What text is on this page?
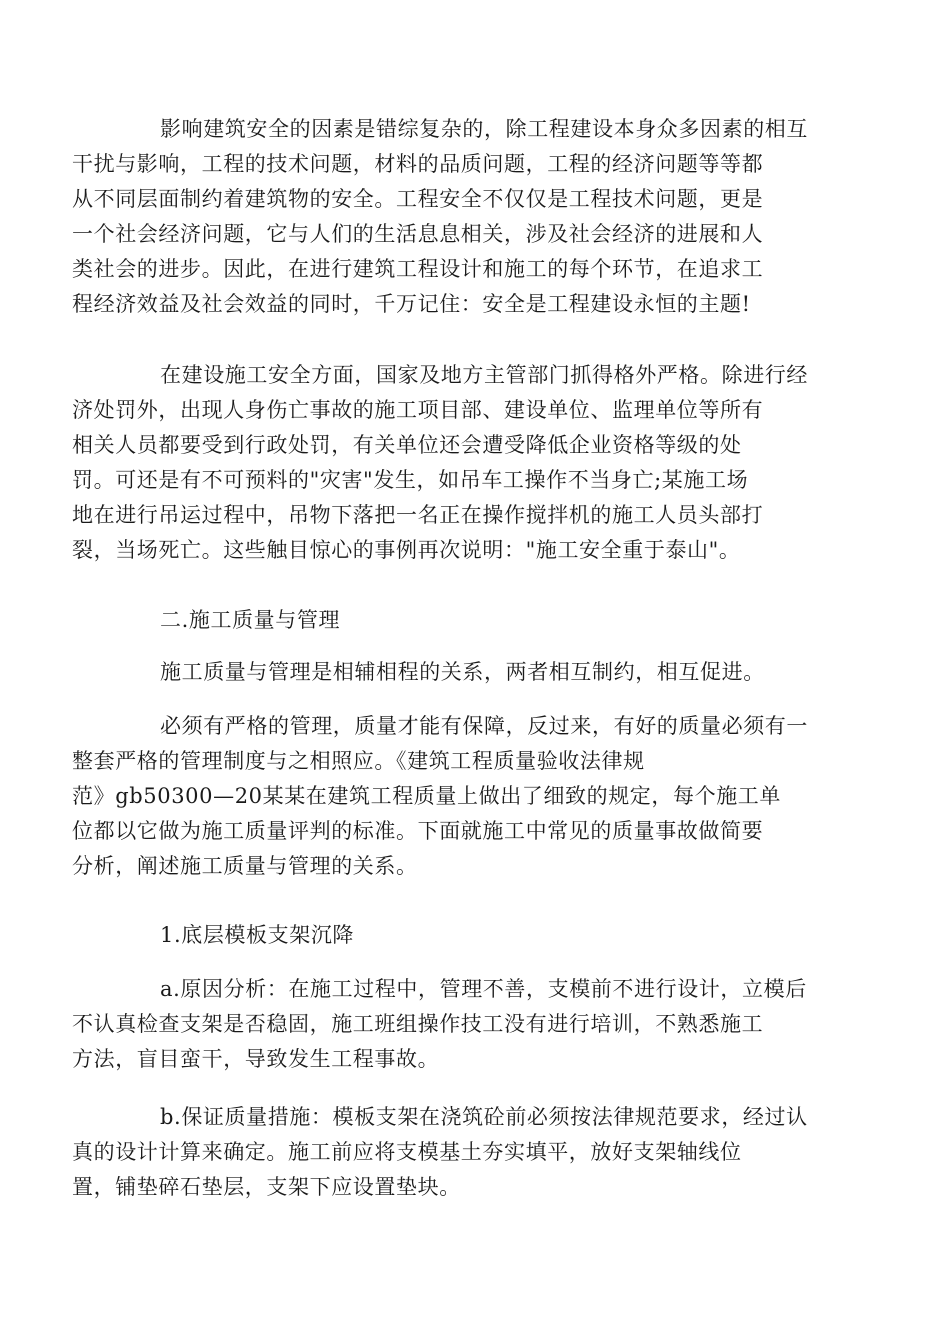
影响建筑安全的因素是错综复杂的，除工程建设本身众多因素的相互
干扰与影响，工程的技术问题，材料的品质问题，工程的经济问题等等都
从不同层面制约着建筑物的安全。工程安全不仅仅是工程技术问题，更是
一个社会经济问题，它与人们的生活息息相关，涉及社会经济的进展和人
类社会的进步。因此，在进行建筑工程设计和施工的每个环节，在追求工
程经济效益及社会效益的同时，千万记住：安全是工程建设永恒的主题!
在建设施工安全方面，国家及地方主管部门抓得格外严格。除进行经
济处罚外，出现人身伤亡事故的施工项目部、建设单位、监理单位等所有
相关人员都要受到行政处罚，有关单位还会遭受降低企业资格等级的处
罚。可还是有不可预料的"灾害"发生，如吊车工操作不当身亡;某施工场
地在进行吊运过程中，吊物下落把一名正在操作搅拌机的施工人员头部打
裂，当场死亡。这些触目惊心的事例再次说明："施工安全重于泰山"。
二.施工质量与管理
施工质量与管理是相辅相程的关系，两者相互制约，相互促进。
必须有严格的管理，质量才能有保障，反过来，有好的质量必须有一
整套严格的管理制度与之相照应。《建筑工程质量验收法律规
范》gb50300—20某某在建筑工程质量上做出了细致的规定，每个施工单
位都以它做为施工质量评判的标准。下面就施工中常见的质量事故做简要
分析，阐述施工质量与管理的关系。
1.底层模板支架沉降
a.原因分析：在施工过程中，管理不善，支模前不进行设计，立模后
不认真检查支架是否稳固，施工班组操作技工没有进行培训，不熟悉施工
方法，盲目蛮干，导致发生工程事故。
b.保证质量措施：模板支架在浇筑砼前必须按法律规范要求，经过认
真的设计计算来确定。施工前应将支模基土夯实填平，放好支架轴线位
置，铺垫碎石垫层，支架下应设置垫块。
